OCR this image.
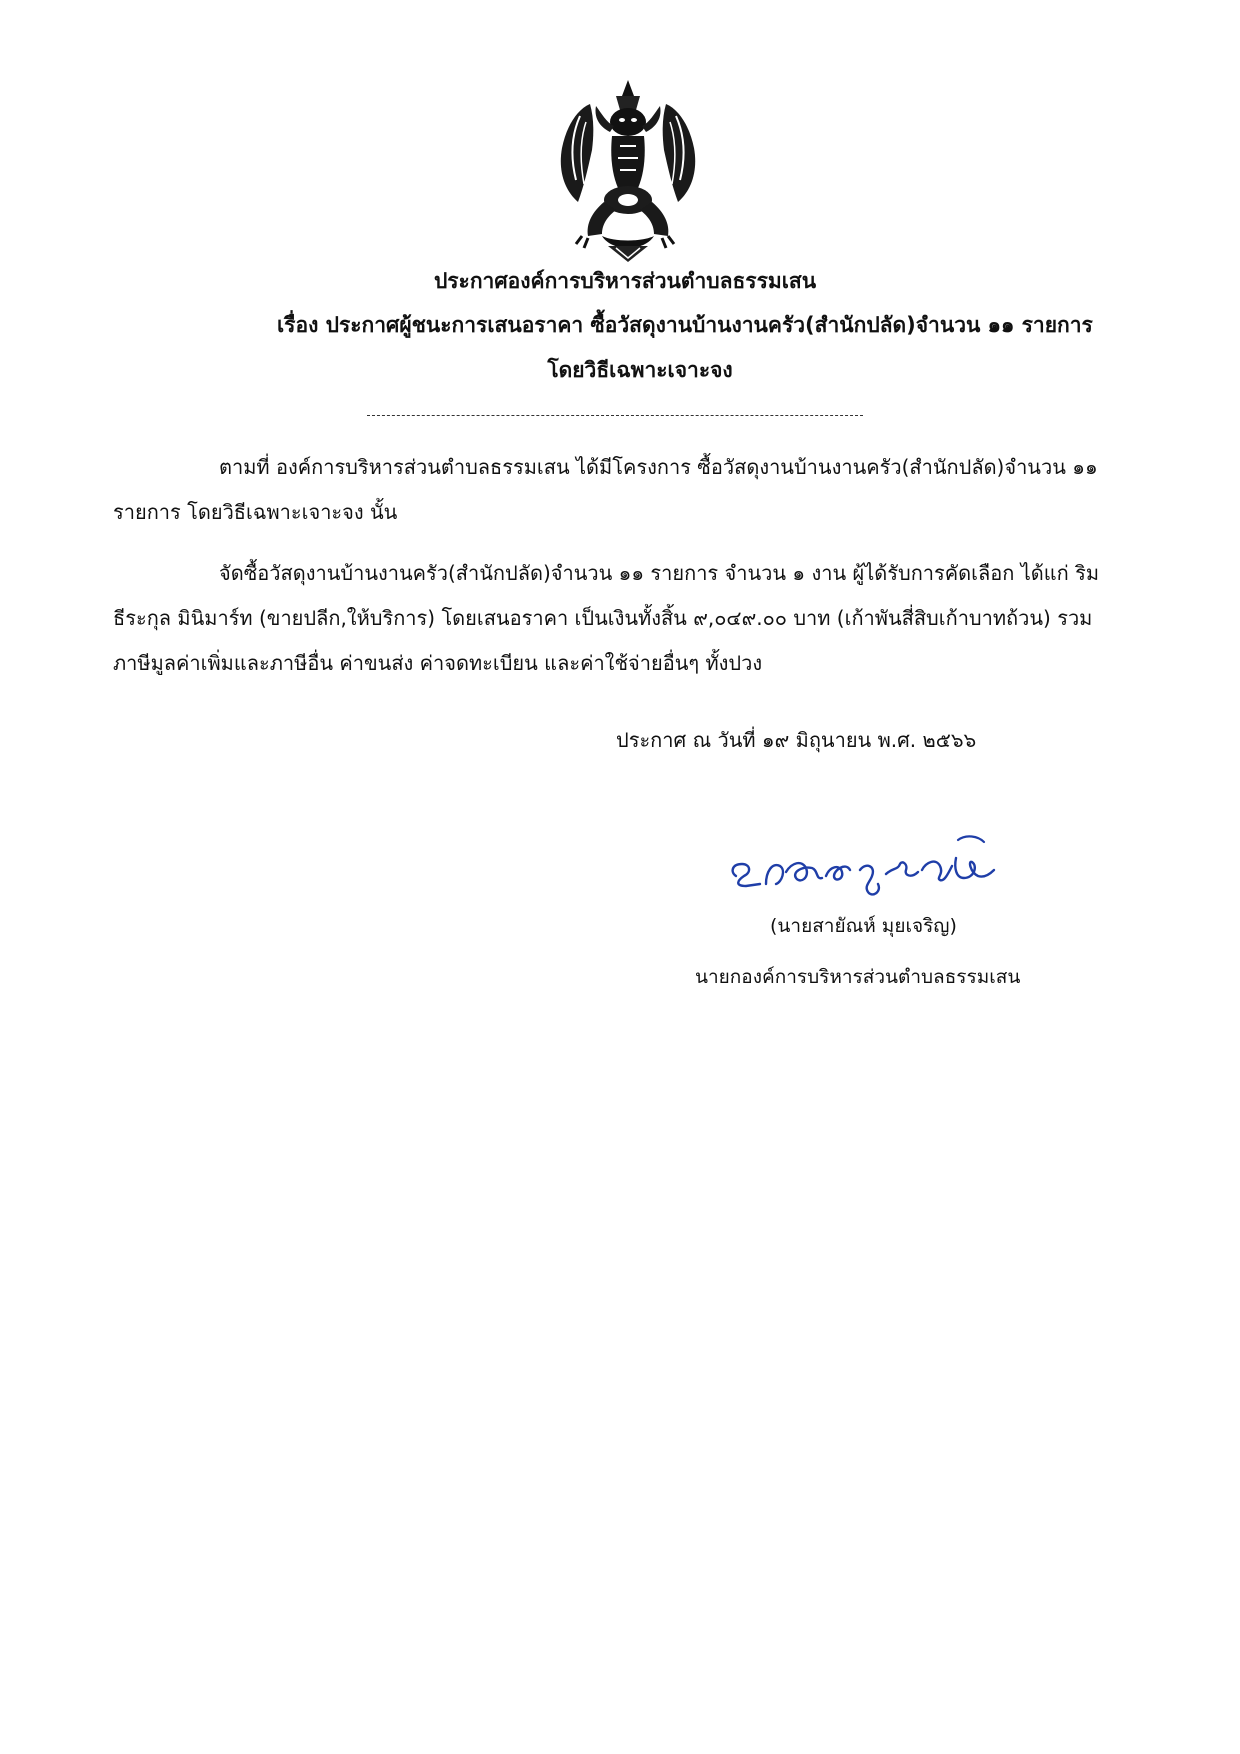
ประกาศองค์การบริหารส่วนตำบลธรรมเสน
เรื่อง ประกาศผู้ชนะการเสนอราคา ซื้อวัสดุงานบ้านงานครัว(สำนักปลัด)จำนวน ๑๑ รายการ
โดยวิธีเฉพาะเจาะจง
ตามที่ องค์การบริหารส่วนตำบลธรรมเสน ได้มีโครงการ ซื้อวัสดุงานบ้านงานครัว(สำนักปลัด)จำนวน ๑๑
รายการ โดยวิธีเฉพาะเจาะจง นั้น
จัดซื้อวัสดุงานบ้านงานครัว(สำนักปลัด)จำนวน ๑๑ รายการ จำนวน ๑ งาน ผู้ได้รับการคัดเลือก ได้แก่ ริม
ธีระกุล มินิมาร์ท (ขายปลีก,ให้บริการ) โดยเสนอราคา เป็นเงินทั้งสิ้น ๙,๐๔๙.๐๐ บาท (เก้าพันสี่สิบเก้าบาทถ้วน) รวม
ภาษีมูลค่าเพิ่มและภาษีอื่น ค่าขนส่ง ค่าจดทะเบียน และค่าใช้จ่ายอื่นๆ ทั้งปวง
ประกาศ ณ วันที่ ๑๙ มิถุนายน พ.ศ. ๒๕๖๖
(นายสายัณห์ มุยเจริญ)
นายกองค์การบริหารส่วนตำบลธรรมเสน
